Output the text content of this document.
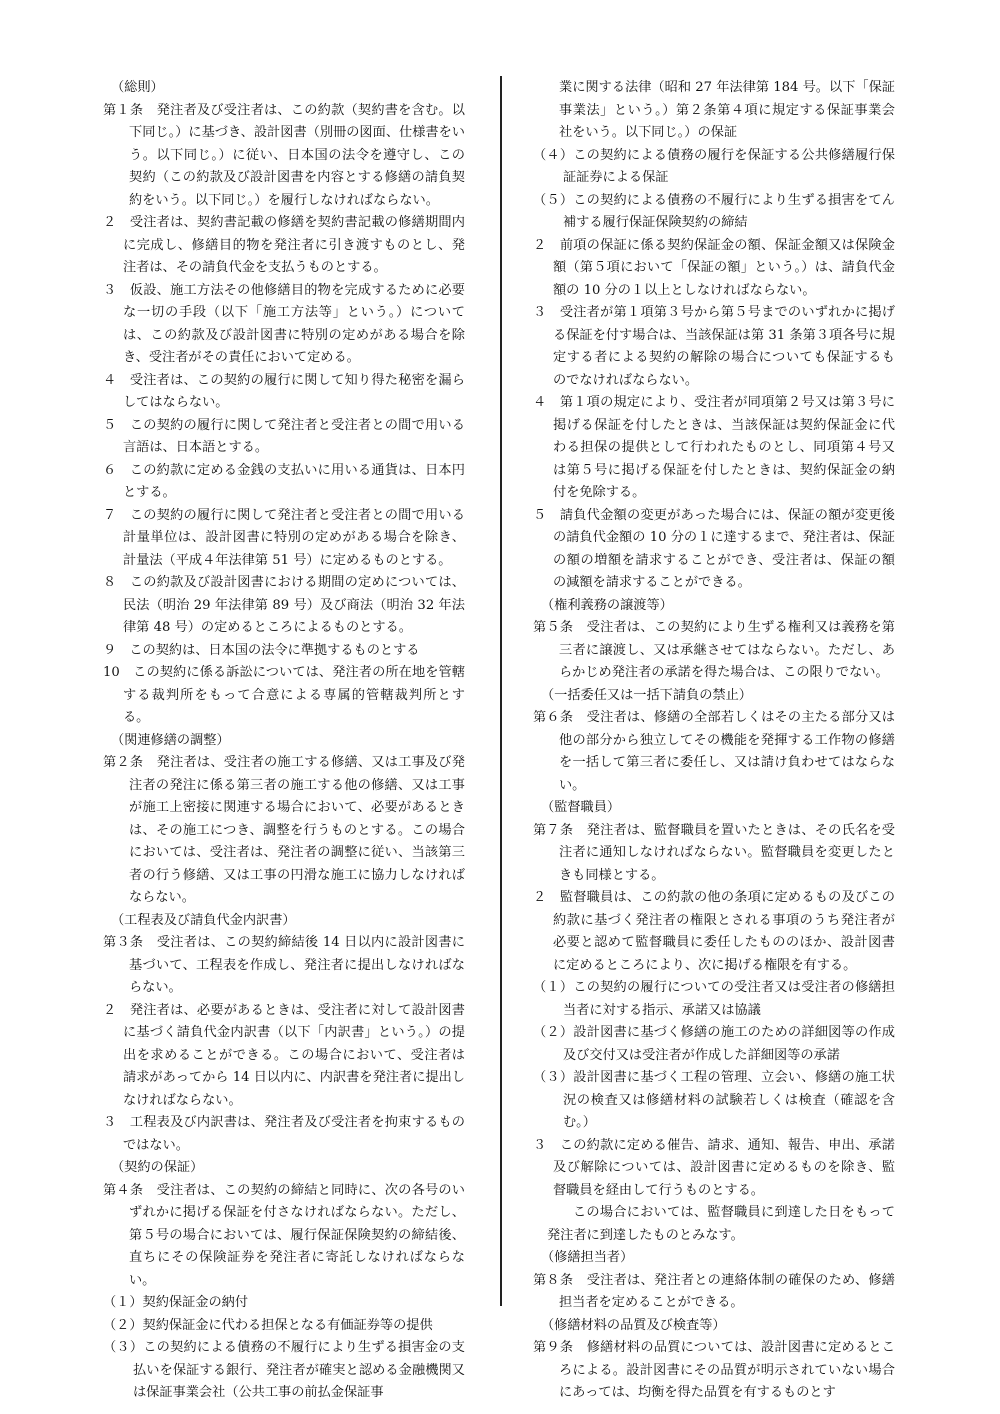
（総則）

第１条　発注者及び受注者は、この約款（契約書を含む。以下同じ。）に基づき、設計図書（別冊の図面、仕様書をいう。以下同じ。）に従い、日本国の法令を遵守し、この契約（この約款及び設計図書を内容とする修繕の請負契約をいう。以下同じ。）を履行しなければならない。

２　受注者は、契約書記載の修繕を契約書記載の修繕期間内に完成し、修繕目的物を発注者に引き渡すものとし、発注者は、その請負代金を支払うものとする。

３　仮設、施工方法その他修繕目的物を完成するために必要な一切の手段（以下「施工方法等」という。）については、この約款及び設計図書に特別の定めがある場合を除き、受注者がその責任において定める。

４　受注者は、この契約の履行に関して知り得た秘密を漏らしてはならない。

５　この契約の履行に関して発注者と受注者との間で用いる言語は、日本語とする。

６　この約款に定める金銭の支払いに用いる通貨は、日本円とする。

７　この契約の履行に関して発注者と受注者との間で用いる計量単位は、設計図書に特別の定めがある場合を除き、計量法（平成４年法律第 51 号）に定めるものとする。

８　この約款及び設計図書における期間の定めについては、民法（明治 29 年法律第 89 号）及び商法（明治 32 年法律第 48 号）の定めるところによるものとする。

９　この契約は、日本国の法令に準拠するものとする

10　この契約に係る訴訟については、発注者の所在地を管轄する裁判所をもって合意による専属的管轄裁判所とする。

（関連修繕の調整）

第２条　発注者は、受注者の施工する修繕、又は工事及び発注者の発注に係る第三者の施工する他の修繕、又は工事が施工上密接に関連する場合において、必要があるときは、その施工につき、調整を行うものとする。この場合においては、受注者は、発注者の調整に従い、当該第三者の行う修繕、又は工事の円滑な施工に協力しなければならない。

（工程表及び請負代金内訳書）

第３条　受注者は、この契約締結後 14 日以内に設計図書に基づいて、工程表を作成し、発注者に提出しなければならない。

２　発注者は、必要があるときは、受注者に対して設計図書に基づく請負代金内訳書（以下「内訳書」という。）の提出を求めることができる。この場合において、受注者は請求があってから 14 日以内に、内訳書を発注者に提出しなければならない。

３　工程表及び内訳書は、発注者及び受注者を拘束するものではない。

（契約の保証）

第４条　受注者は、この契約の締結と同時に、次の各号のいずれかに掲げる保証を付さなければならない。ただし、第５号の場合においては、履行保証保険契約の締結後、直ちにその保険証券を発注者に寄託しなければならない。

（１）契約保証金の納付

（２）契約保証金に代わる担保となる有価証券等の提供

（３）この契約による債務の不履行により生ずる損害金の支払いを保証する銀行、発注者が確実と認める金融機関又は保証事業会社（公共工事の前払金保証事

業に関する法律（昭和 27 年法律第 184 号。以下「保証事業法」という。）第２条第４項に規定する保証事業会社をいう。以下同じ。）の保証

（４）この契約による債務の履行を保証する公共修繕履行保証証券による保証

（５）この契約による債務の不履行により生ずる損害をてん補する履行保証保険契約の締結

２　前項の保証に係る契約保証金の額、保証金額又は保険金額（第５項において「保証の額」という。）は、請負代金額の 10 分の１以上としなければならない。

３　受注者が第１項第３号から第５号までのいずれかに掲げる保証を付す場合は、当該保証は第 31 条第３項各号に規定する者による契約の解除の場合についても保証するものでなければならない。

４　第１項の規定により、受注者が同項第２号又は第３号に掲げる保証を付したときは、当該保証は契約保証金に代わる担保の提供として行われたものとし、同項第４号又は第５号に掲げる保証を付したときは、契約保証金の納付を免除する。

５　請負代金額の変更があった場合には、保証の額が変更後の請負代金額の 10 分の１に達するまで、発注者は、保証の額の増額を請求することができ、受注者は、保証の額の減額を請求することができる。

（権利義務の譲渡等）

第５条　受注者は、この契約により生ずる権利又は義務を第三者に譲渡し、又は承継させてはならない。ただし、あらかじめ発注者の承諾を得た場合は、この限りでない。

（一括委任又は一括下請負の禁止）

第６条　受注者は、修繕の全部若しくはその主たる部分又は他の部分から独立してその機能を発揮する工作物の修繕を一括して第三者に委任し、又は請け負わせてはならない。

（監督職員）

第７条　発注者は、監督職員を置いたときは、その氏名を受注者に通知しなければならない。監督職員を変更したときも同様とする。

２　監督職員は、この約款の他の条項に定めるもの及びこの約款に基づく発注者の権限とされる事項のうち発注者が必要と認めて監督職員に委任したもののほか、設計図書に定めるところにより、次に掲げる権限を有する。

（１）この契約の履行についての受注者又は受注者の修繕担当者に対する指示、承諾又は協議

（２）設計図書に基づく修繕の施工のための詳細図等の作成及び交付又は受注者が作成した詳細図等の承諾

（３）設計図書に基づく工程の管理、立会い、修繕の施工状況の検査又は修繕材料の試験若しくは検査（確認を含む。）

３　この約款に定める催告、請求、通知、報告、申出、承諾及び解除については、設計図書に定めるものを除き、監督職員を経由して行うものとする。

この場合においては、監督職員に到達した日をもって発注者に到達したものとみなす。

（修繕担当者）

第８条　受注者は、発注者との連絡体制の確保のため、修繕担当者を定めることができる。

（修繕材料の品質及び検査等）

第９条　修繕材料の品質については、設計図書に定めるところによる。設計図書にその品質が明示されていない場合にあっては、均衡を得た品質を有するものとす
